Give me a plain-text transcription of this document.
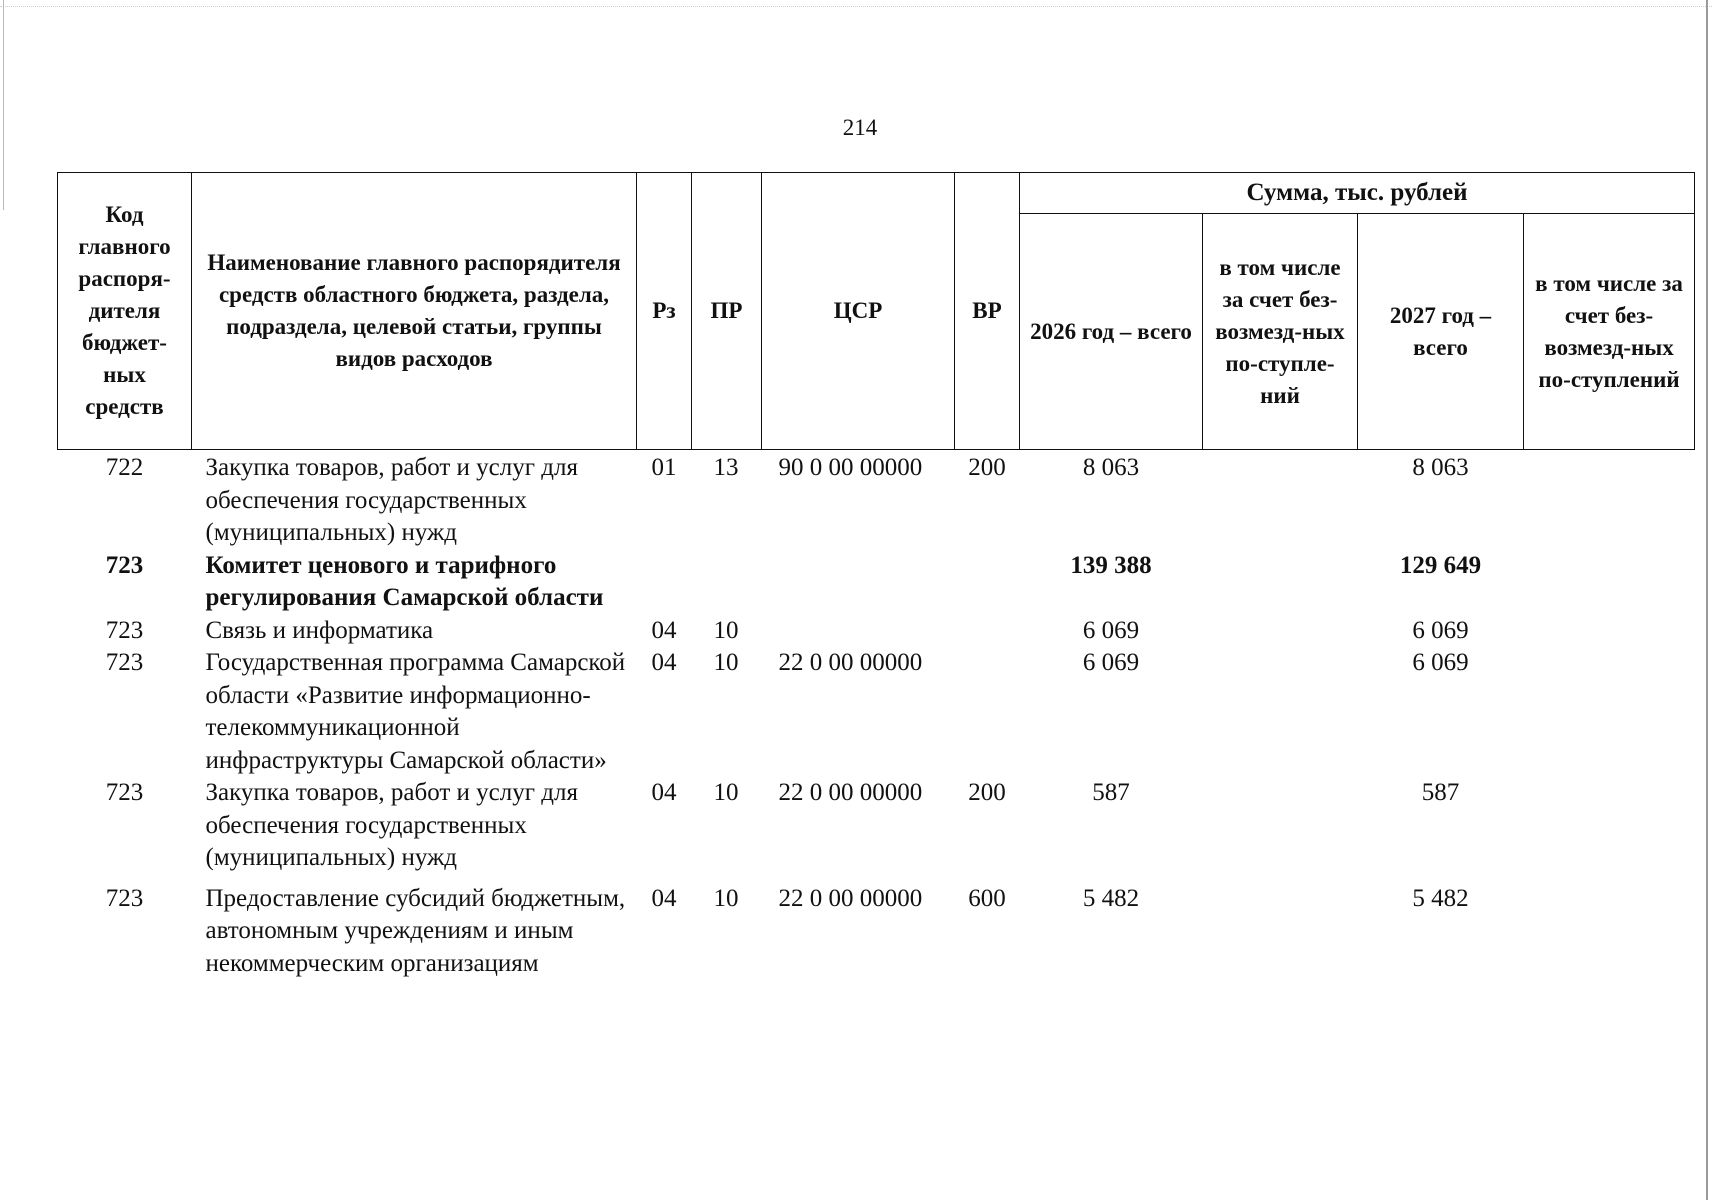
214
Код главного распоря-дителя бюджет-ных средств	Наименование главного распорядителя средств областного бюджета, раздела, подраздела, целевой статьи, группы видов расходов	Рз	ПР	ЦСР	ВР	Сумма, тыс. рублей			
						2026 год – всего	в том числе за счет без-возмезд-ных по-ступле-ний	2027 год – всего	в том числе за счет без-возмезд-ных по-ступлений
722	Закупка товаров, работ и услуг для обеспечения государственных (муниципальных) нужд	01	13	90 0 00 00000	200	8 063		8 063	
723	Комитет ценового и тарифного регулирования Самарской области					139 388		129 649	
723	Связь и информатика	04	10			6 069		6 069	
723	Государственная программа Самарской области «Развитие информационно-телекоммуникационной инфраструктуры Самарской области»	04	10	22 0 00 00000		6 069		6 069	
723	Закупка товаров, работ и услуг для обеспечения государственных (муниципальных) нужд	04	10	22 0 00 00000	200	587		587	
723	Предоставление субсидий бюджетным, автономным учреждениям и иным некоммерческим организациям	04	10	22 0 00 00000	600	5 482		5 482	
